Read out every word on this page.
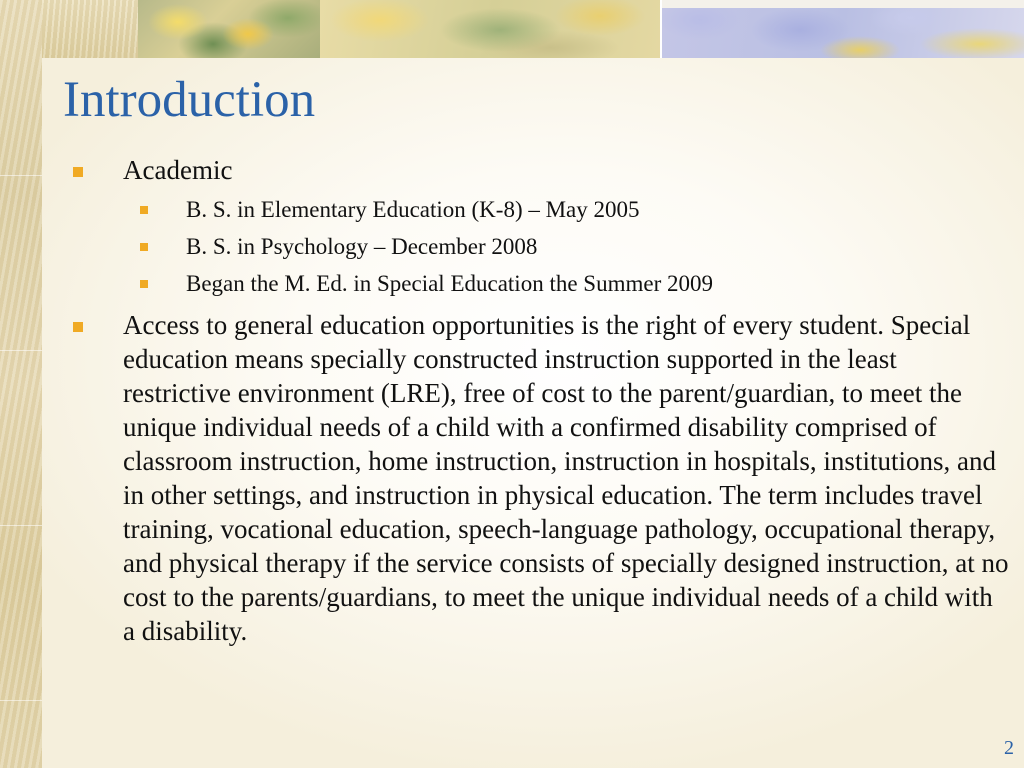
Introduction
Academic
B. S. in Elementary Education (K-8) – May 2005
B. S. in Psychology – December 2008
Began the M. Ed. in Special Education the Summer 2009
Access to general education opportunities is the right of every student. Special education means specially constructed instruction supported in the least restrictive environment (LRE), free of cost to the parent/guardian, to meet the unique individual needs of a child with a confirmed disability comprised of classroom instruction, home instruction, instruction in hospitals, institutions, and in other settings, and instruction in physical education. The term includes travel training, vocational education, speech-language pathology, occupational therapy, and physical therapy if the service consists of specially designed instruction, at no cost to the parents/guardians, to meet the unique individual needs of a child with a disability.
2
